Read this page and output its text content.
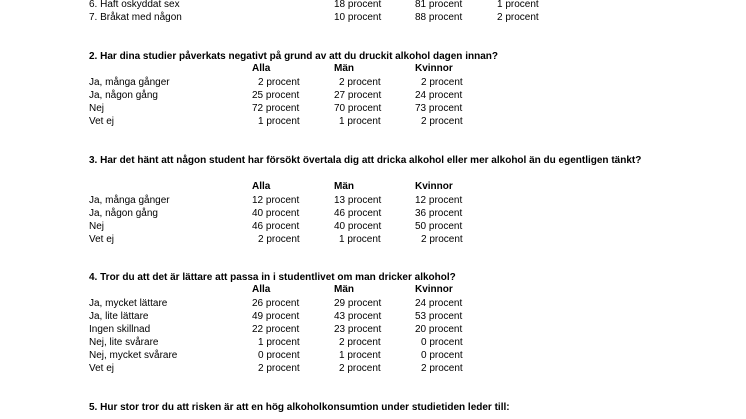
6. Haft oskyddat sex	18 procent	81 procent	1 procent
7. Bråkat med någon	10 procent	88 procent	2 procent
2. Har dina studier påverkats negativt på grund av att du druckit alkohol dagen innan?
Alla	Män	Kvinnor
Ja, många gånger	2 procent	2 procent	2 procent
Ja, någon gång	25 procent	27 procent	24 procent
Nej	72 procent	70 procent	73 procent
Vet ej	1 procent	1 procent	2 procent
3. Har det hänt att någon student har försökt övertala dig att dricka alkohol eller mer alkohol än du egentligen tänkt?
Alla	Män	Kvinnor
Ja, många gånger	12 procent	13 procent	12 procent
Ja, någon gång	40 procent	46 procent	36 procent
Nej	46 procent	40 procent	50 procent
Vet ej	2 procent	1 procent	2 procent
4. Tror du att det är lättare att passa in i studentlivet om man dricker alkohol?
Alla	Män	Kvinnor
Ja, mycket lättare	26 procent	29 procent	24 procent
Ja, lite lättare	49 procent	43 procent	53 procent
Ingen skillnad	22 procent	23 procent	20 procent
Nej, lite svårare	1 procent	2 procent	0 procent
Nej, mycket svårare	0 procent	1 procent	0 procent
Vet ej	2 procent	2 procent	2 procent
5. Hur stor tror du att risken är att en hög alkoholkonsumtion under studietiden leder till:
